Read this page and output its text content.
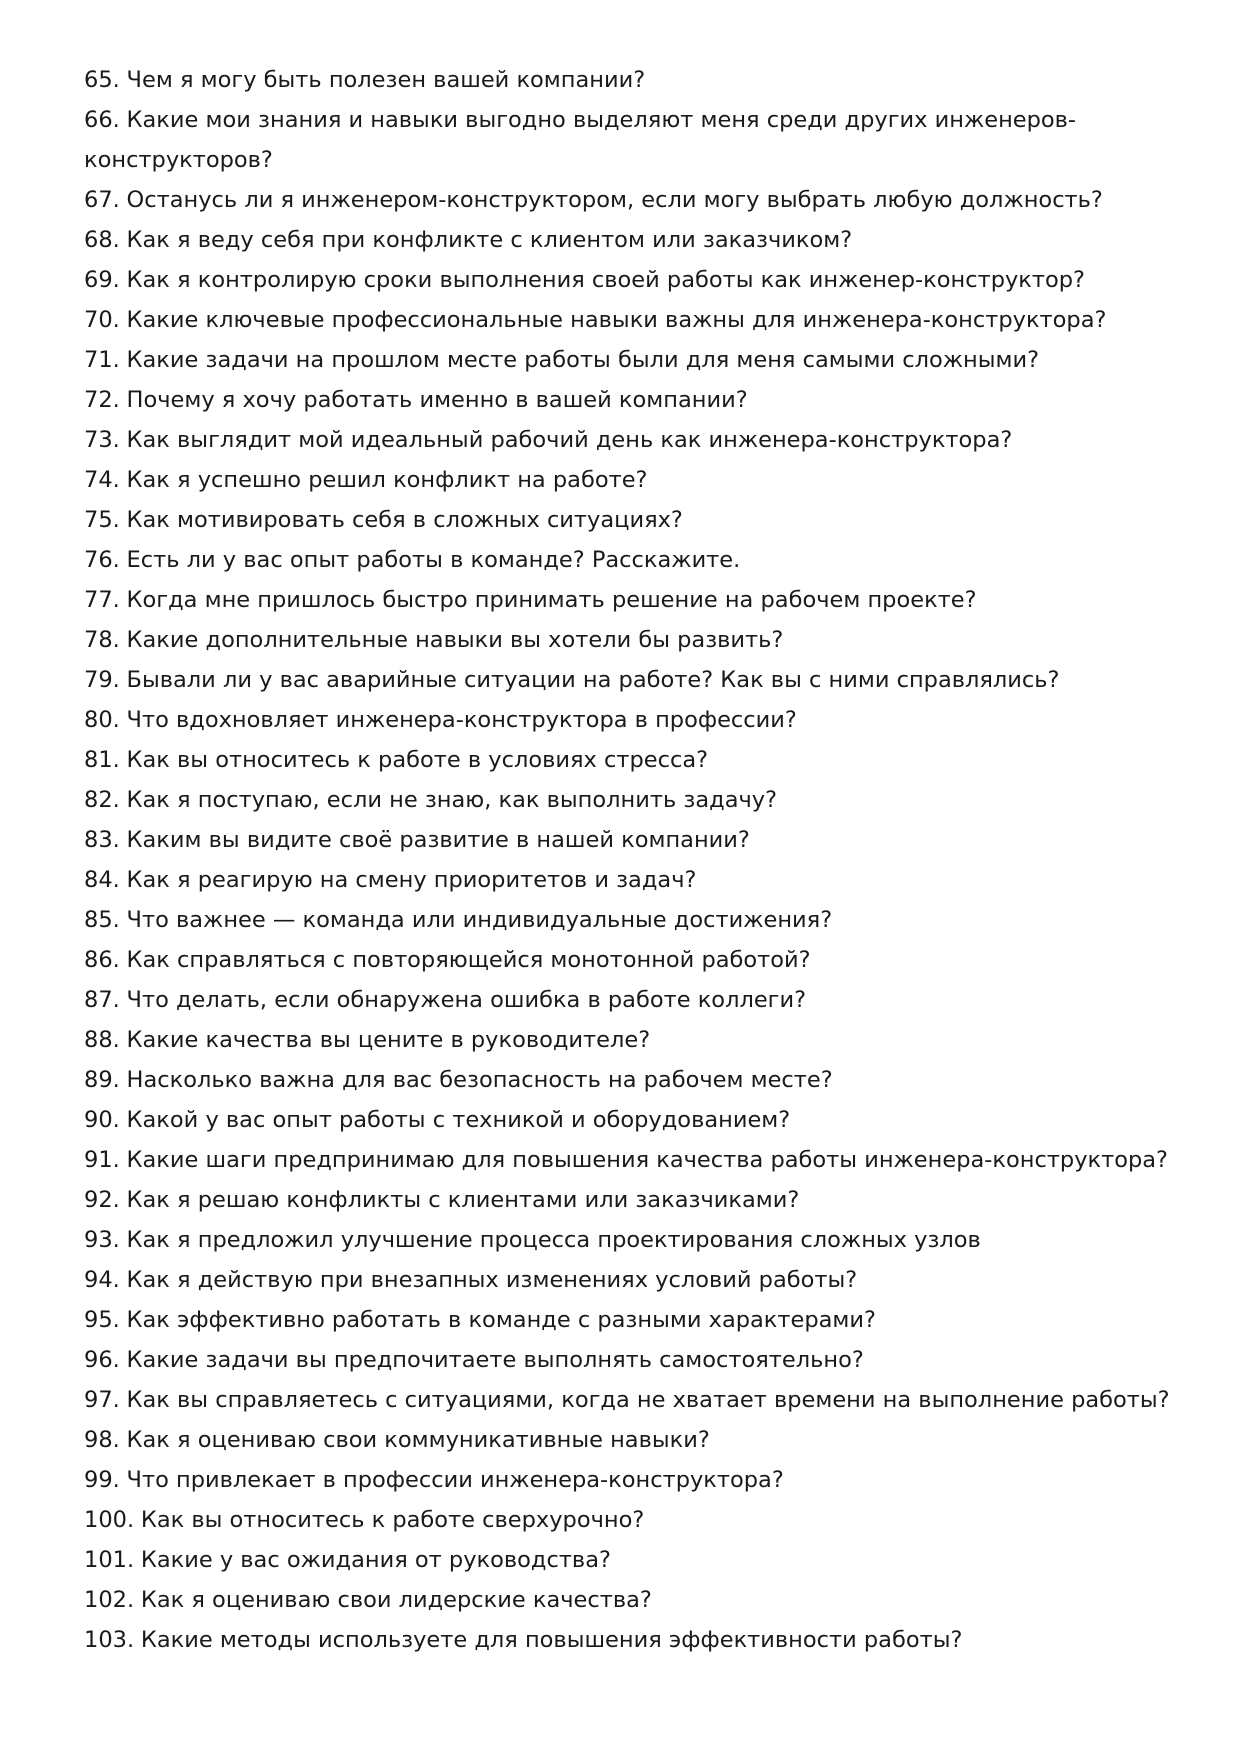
65. Чем я могу быть полезен вашей компании?
66. Какие мои знания и навыки выгодно выделяют меня среди других инженеров-конструкторов?
67. Останусь ли я инженером-конструктором, если могу выбрать любую должность?
68. Как я веду себя при конфликте с клиентом или заказчиком?
69. Как я контролирую сроки выполнения своей работы как инженер-конструктор?
70. Какие ключевые профессиональные навыки важны для инженера-конструктора?
71. Какие задачи на прошлом месте работы были для меня самыми сложными?
72. Почему я хочу работать именно в вашей компании?
73. Как выглядит мой идеальный рабочий день как инженера-конструктора?
74. Как я успешно решил конфликт на работе?
75. Как мотивировать себя в сложных ситуациях?
76. Есть ли у вас опыт работы в команде? Расскажите.
77. Когда мне пришлось быстро принимать решение на рабочем проекте?
78. Какие дополнительные навыки вы хотели бы развить?
79. Бывали ли у вас аварийные ситуации на работе? Как вы с ними справлялись?
80. Что вдохновляет инженера-конструктора в профессии?
81. Как вы относитесь к работе в условиях стресса?
82. Как я поступаю, если не знаю, как выполнить задачу?
83. Каким вы видите своё развитие в нашей компании?
84. Как я реагирую на смену приоритетов и задач?
85. Что важнее — команда или индивидуальные достижения?
86. Как справляться с повторяющейся монотонной работой?
87. Что делать, если обнаружена ошибка в работе коллеги?
88. Какие качества вы цените в руководителе?
89. Насколько важна для вас безопасность на рабочем месте?
90. Какой у вас опыт работы с техникой и оборудованием?
91. Какие шаги предпринимаю для повышения качества работы инженера-конструктора?
92. Как я решаю конфликты с клиентами или заказчиками?
93. Как я предложил улучшение процесса проектирования сложных узлов
94. Как я действую при внезапных изменениях условий работы?
95. Как эффективно работать в команде с разными характерами?
96. Какие задачи вы предпочитаете выполнять самостоятельно?
97. Как вы справляетесь с ситуациями, когда не хватает времени на выполнение работы?
98. Как я оцениваю свои коммуникативные навыки?
99. Что привлекает в профессии инженера-конструктора?
100. Как вы относитесь к работе сверхурочно?
101. Какие у вас ожидания от руководства?
102. Как я оцениваю свои лидерские качества?
103. Какие методы используете для повышения эффективности работы?
